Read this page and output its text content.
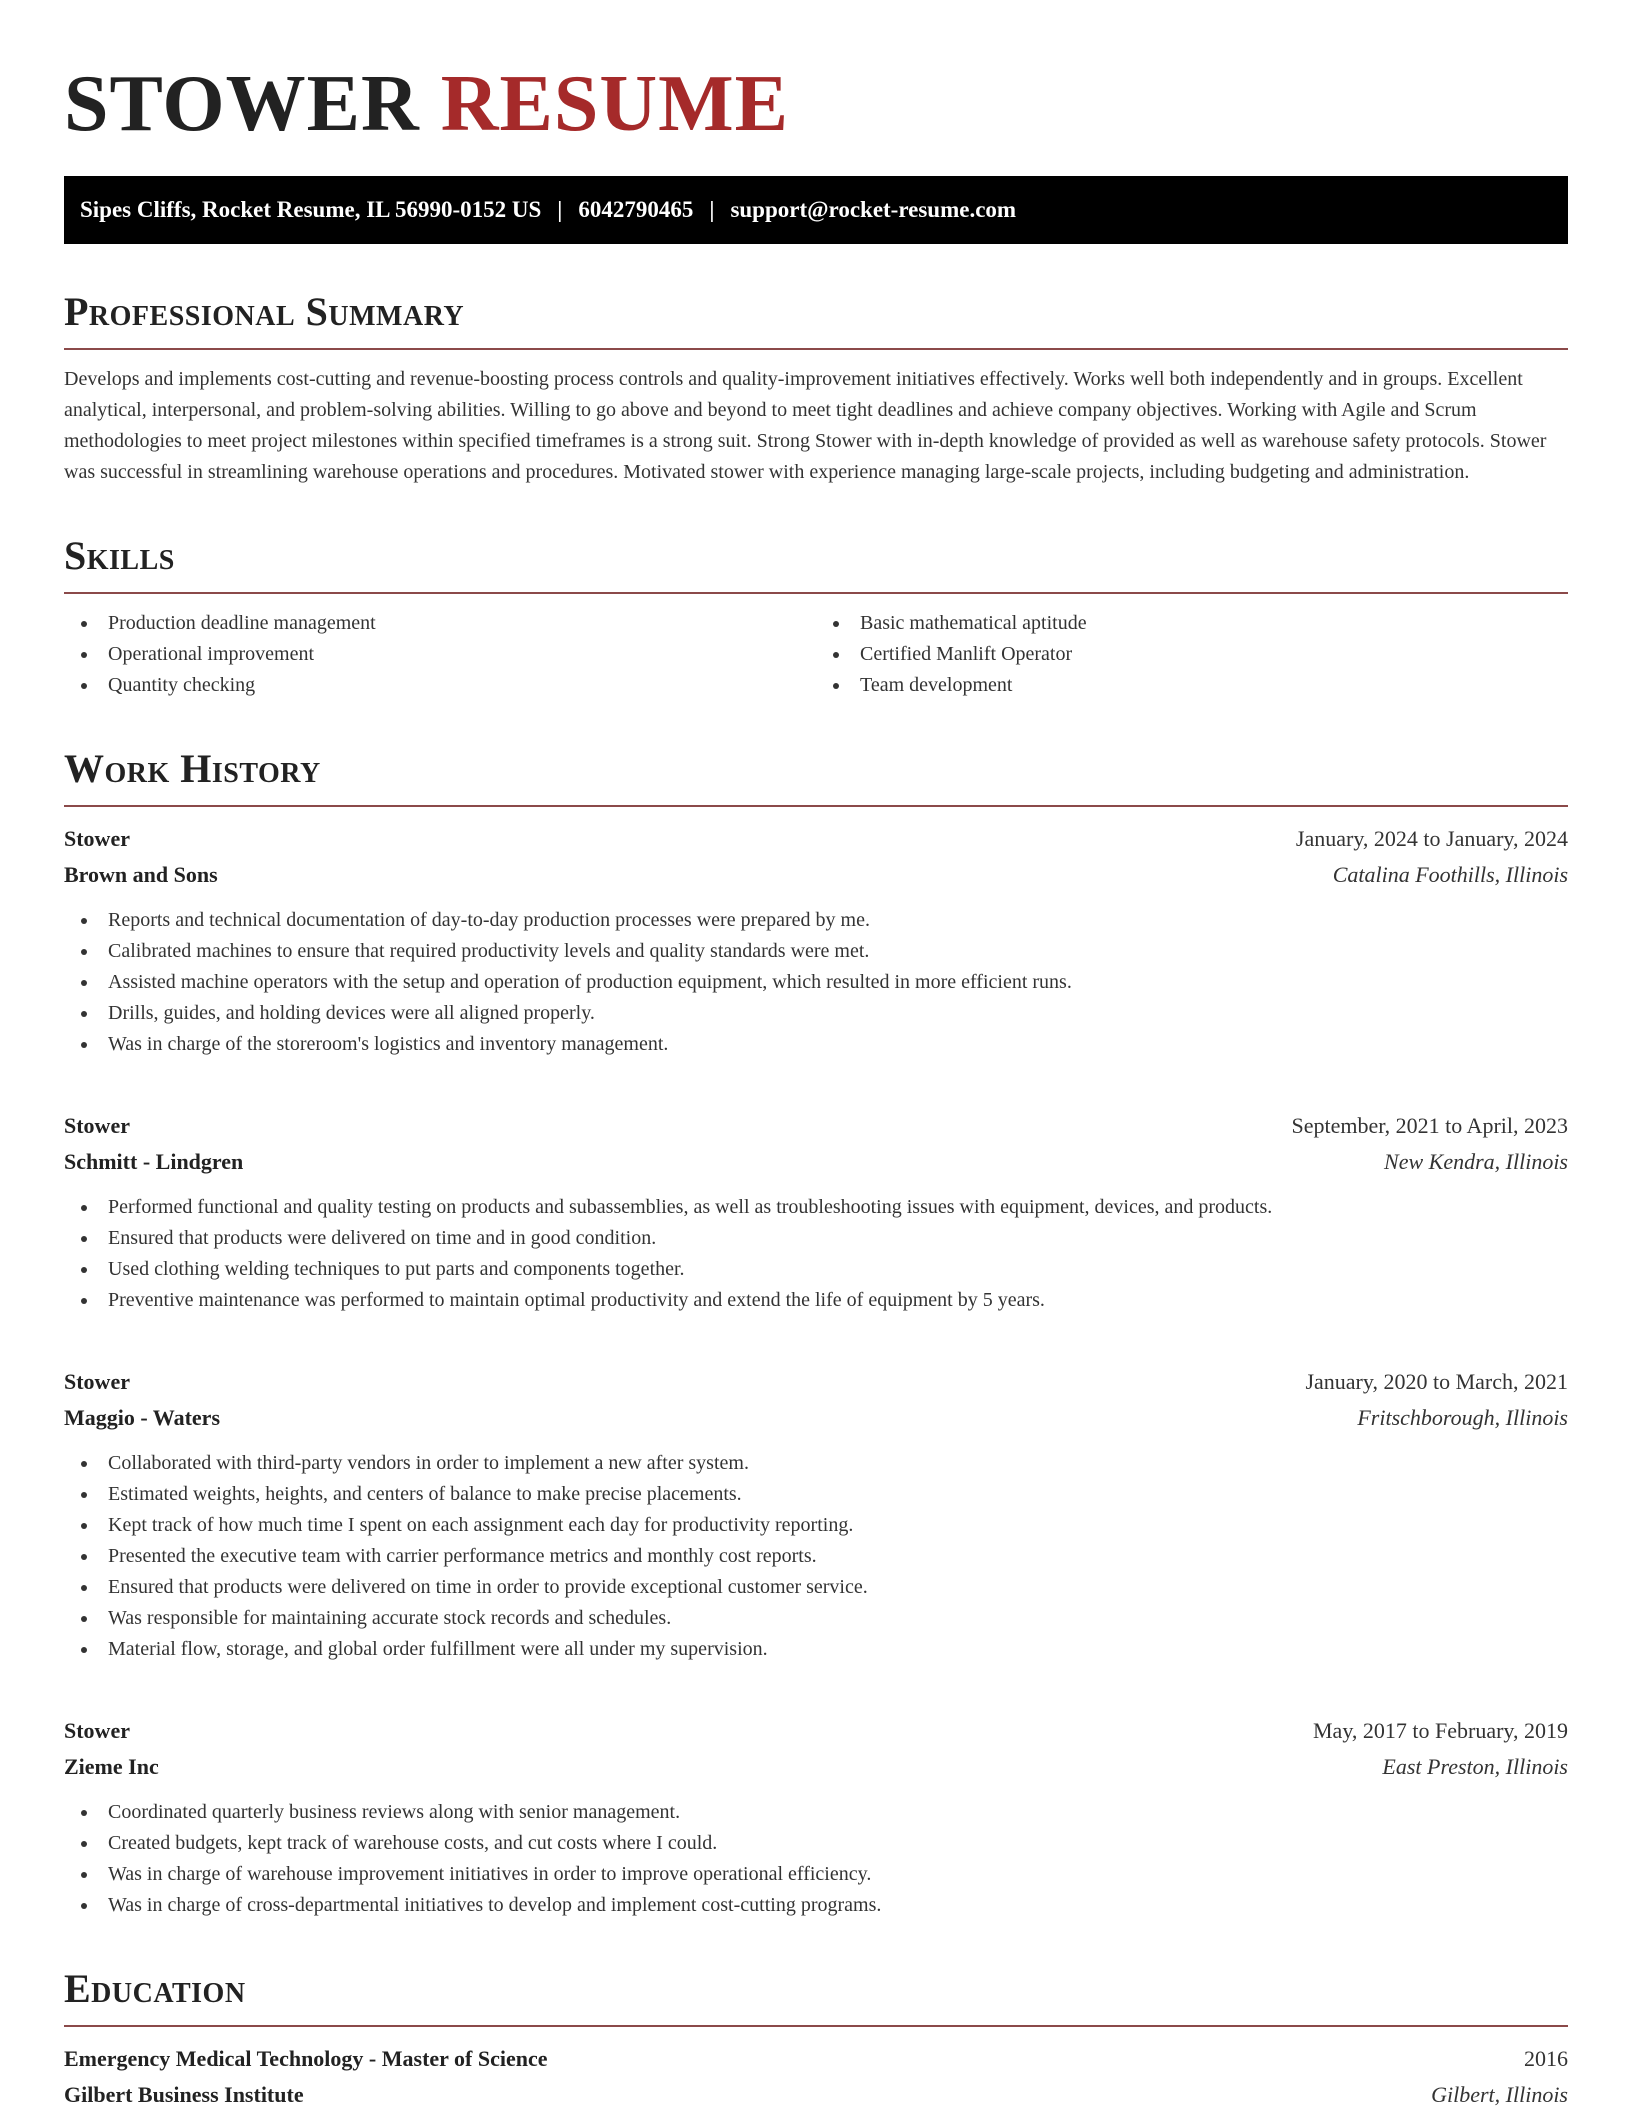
STOWER RESUME
Sipes Cliffs, Rocket Resume, IL 56990-0152 US | 6042790465 | support@rocket-resume.com
Professional Summary

Develops and implements cost-cutting and revenue-boosting process controls and quality-improvement initiatives effectively. Works well both independently and in groups. Excellent analytical, interpersonal, and problem-solving abilities. Willing to go above and beyond to meet tight deadlines and achieve company objectives. Working with Agile and Scrum methodologies to meet project milestones within specified timeframes is a strong suit. Strong Stower with in-depth knowledge of provided as well as warehouse safety protocols. Stower was successful in streamlining warehouse operations and procedures. Motivated stower with experience managing large-scale projects, including budgeting and administration.

Skills
Production deadline management
Operational improvement
Quantity checking
Basic mathematical aptitude
Certified Manlift Operator
Team development
Work History
Stower	January, 2024 to January, 2024
Brown and Sons	Catalina Foothills, Illinois
Reports and technical documentation of day-to-day production processes were prepared by me.
Calibrated machines to ensure that required productivity levels and quality standards were met.
Assisted machine operators with the setup and operation of production equipment, which resulted in more efficient runs.
Drills, guides, and holding devices were all aligned properly.
Was in charge of the storeroom's logistics and inventory management.
Stower	September, 2021 to April, 2023
Schmitt - Lindgren	New Kendra, Illinois
Performed functional and quality testing on products and subassemblies, as well as troubleshooting issues with equipment, devices, and products.
Ensured that products were delivered on time and in good condition.
Used clothing welding techniques to put parts and components together.
Preventive maintenance was performed to maintain optimal productivity and extend the life of equipment by 5 years.
Stower	January, 2020 to March, 2021
Maggio - Waters	Fritschborough, Illinois
Collaborated with third-party vendors in order to implement a new after system.
Estimated weights, heights, and centers of balance to make precise placements.
Kept track of how much time I spent on each assignment each day for productivity reporting.
Presented the executive team with carrier performance metrics and monthly cost reports.
Ensured that products were delivered on time in order to provide exceptional customer service.
Was responsible for maintaining accurate stock records and schedules.
Material flow, storage, and global order fulfillment were all under my supervision.
Stower	May, 2017 to February, 2019
Zieme Inc	East Preston, Illinois
Coordinated quarterly business reviews along with senior management.
Created budgets, kept track of warehouse costs, and cut costs where I could.
Was in charge of warehouse improvement initiatives in order to improve operational efficiency.
Was in charge of cross-departmental initiatives to develop and implement cost-cutting programs.
Education
Emergency Medical Technology - Master of Science	2016
Gilbert Business Institute	Gilbert, Illinois
